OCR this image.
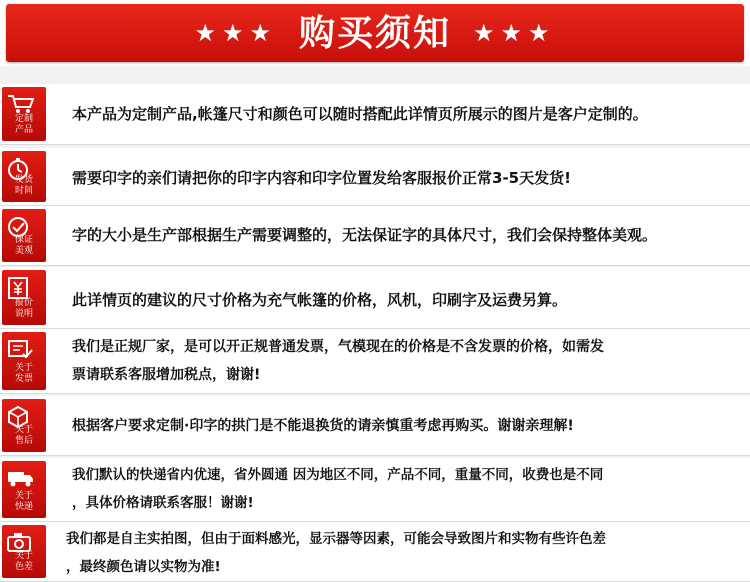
★★★ 购买须知 ★★★
定制
产品
本产品为定制产品,帐篷尺寸和颜色可以随时搭配此详情页所展示的图片是客户定制的。
发货
时间
需要印字的亲们请把你的印字内容和印字位置发给客服报价正常3-5天发货!
保证
美观
字的大小是生产部根据生产需要调整的，无法保证字的具体尺寸，我们会保持整体美观。
报价
说明
此详情页的建议的尺寸价格为充气帐篷的价格，风机，印刷字及运费另算。
关于
发票
我们是正规厂家，是可以开正规普通发票，气模现在的价格是不含发票的价格，如需发
票请联系客服增加税点，谢谢!
关于
售后
根据客户要求定制·印字的拱门是不能退换货的请亲慎重考虑再购买。谢谢亲理解!
关于
快递
我们默认的快递省内优速，省外圆通 因为地区不同，产品不同，重量不同，收费也是不同
，具体价格请联系客服！谢谢!
关于
色差
我们都是自主实拍图，但由于面料感光，显示器等因素，可能会导致图片和实物有些许色差
，最终颜色请以实物为准!
